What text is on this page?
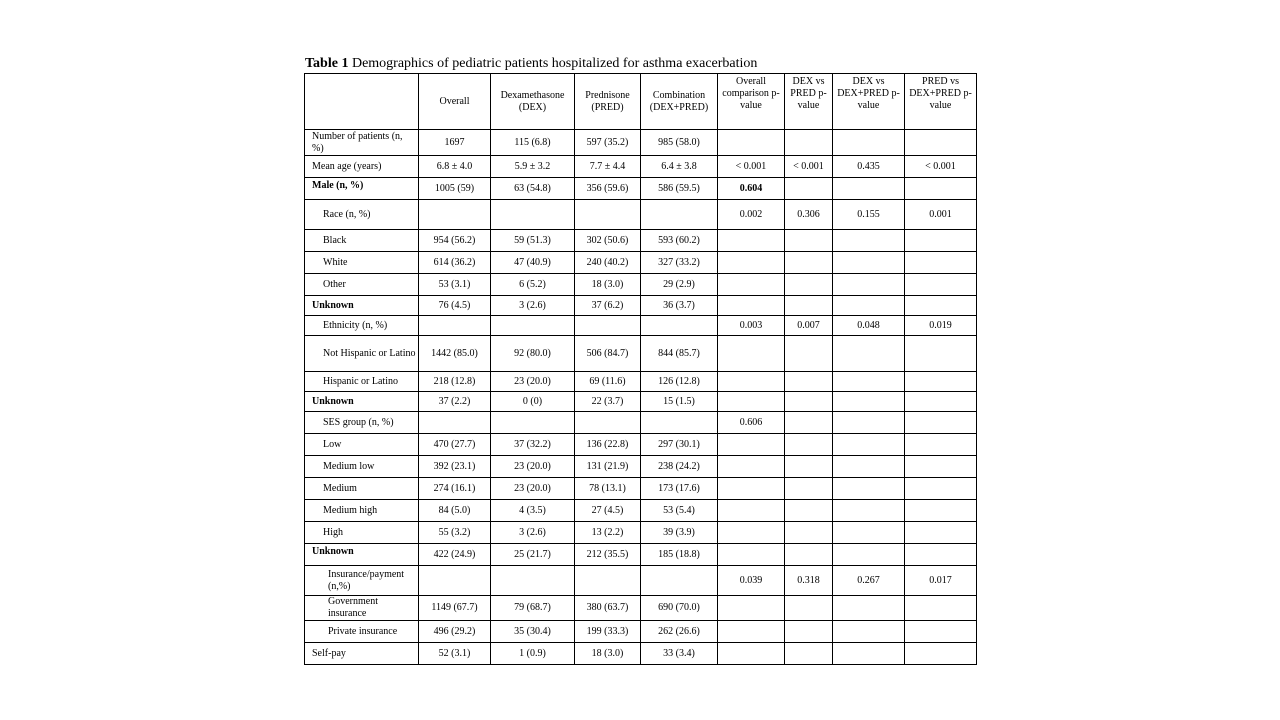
Table 1 Demographics of pediatric patients hospitalized for asthma exacerbation
	Overall	Dexamethasone (DEX)	Prednisone (PRED)	Combination (DEX+PRED)	Overall comparison p-value	DEX vs PRED p-value	DEX vs DEX+PRED p-value	PRED vs DEX+PRED p-value
Number of patients (n, %)	1697	115 (6.8)	597 (35.2)	985 (58.0)				
Mean age (years)	6.8 ± 4.0	5.9 ± 3.2	7.7 ± 4.4	6.4 ± 3.8	< 0.001	< 0.001	0.435	< 0.001
Male (n, %)	1005 (59)	63 (54.8)	356 (59.6)	586 (59.5)	0.604			
Race (n, %)					0.002	0.306	0.155	0.001
Black	954 (56.2)	59 (51.3)	302 (50.6)	593 (60.2)				
White	614 (36.2)	47 (40.9)	240 (40.2)	327 (33.2)				
Other	53 (3.1)	6 (5.2)	18 (3.0)	29 (2.9)				
Unknown	76 (4.5)	3 (2.6)	37 (6.2)	36 (3.7)				
Ethnicity (n, %)					0.003	0.007	0.048	0.019
Not Hispanic or Latino	1442 (85.0)	92 (80.0)	506 (84.7)	844 (85.7)				
Hispanic or Latino	218 (12.8)	23 (20.0)	69 (11.6)	126 (12.8)				
Unknown	37 (2.2)	0 (0)	22 (3.7)	15 (1.5)				
SES group (n, %)					0.606			
Low	470 (27.7)	37 (32.2)	136 (22.8)	297 (30.1)				
Medium low	392 (23.1)	23 (20.0)	131 (21.9)	238 (24.2)				
Medium	274 (16.1)	23 (20.0)	78 (13.1)	173 (17.6)				
Medium high	84 (5.0)	4 (3.5)	27 (4.5)	53 (5.4)				
High	55 (3.2)	3 (2.6)	13 (2.2)	39 (3.9)				
Unknown	422 (24.9)	25 (21.7)	212 (35.5)	185 (18.8)				
Insurance/payment (n,%)					0.039	0.318	0.267	0.017
Government insurance	1149 (67.7)	79 (68.7)	380 (63.7)	690 (70.0)				
Private insurance	496 (29.2)	35 (30.4)	199 (33.3)	262 (26.6)				
Self-pay	52 (3.1)	1 (0.9)	18 (3.0)	33 (3.4)				
